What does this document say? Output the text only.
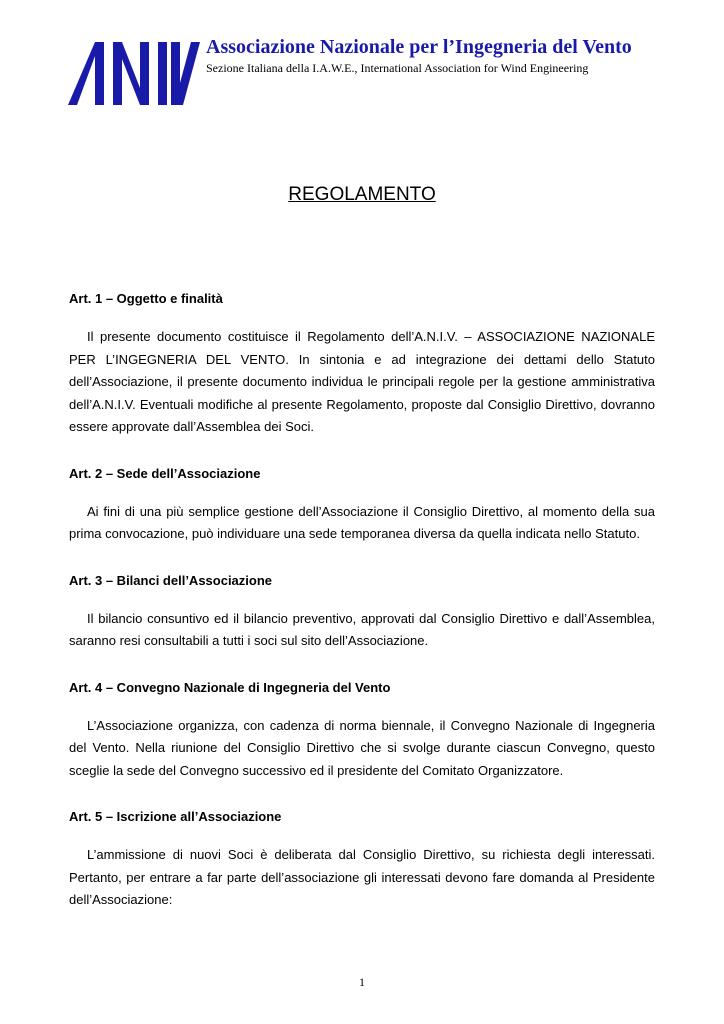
Associazione Nazionale per l’Ingegneria del Vento
Sezione Italiana della I.A.W.E., International Association for Wind Engineering
REGOLAMENTO

Art. 1 – Oggetto e finalità

Il presente documento costituisce il Regolamento dell’A.N.I.V. – ASSOCIAZIONE NAZIONALE PER L’INGEGNERIA DEL VENTO. In sintonia e ad integrazione dei dettami dello Statuto dell’Associazione, il presente documento individua le principali regole per la gestione amministrativa dell’A.N.I.V. Eventuali modifiche al presente Regolamento, proposte dal Consiglio Direttivo, dovranno essere approvate dall’Assemblea dei Soci.

Art. 2 – Sede dell’Associazione

Ai fini di una più semplice gestione dell’Associazione il Consiglio Direttivo, al momento della sua prima convocazione, può individuare una sede temporanea diversa da quella indicata nello Statuto.

Art. 3 – Bilanci dell’Associazione

Il bilancio consuntivo ed il bilancio preventivo, approvati dal Consiglio Direttivo e dall’Assemblea, saranno resi consultabili a tutti i soci sul sito dell’Associazione.

Art. 4 – Convegno Nazionale di Ingegneria del Vento

L’Associazione organizza, con cadenza di norma biennale, il Convegno Nazionale di Ingegneria del Vento. Nella riunione del Consiglio Direttivo che si svolge durante ciascun Convegno, questo sceglie la sede del Convegno successivo ed il presidente del Comitato Organizzatore.

Art. 5 – Iscrizione all’Associazione

L’ammissione di nuovi Soci è deliberata dal Consiglio Direttivo, su richiesta degli interessati. Pertanto, per entrare a far parte dell’associazione gli interessati devono fare domanda al Presidente dell’Associazione:

1
